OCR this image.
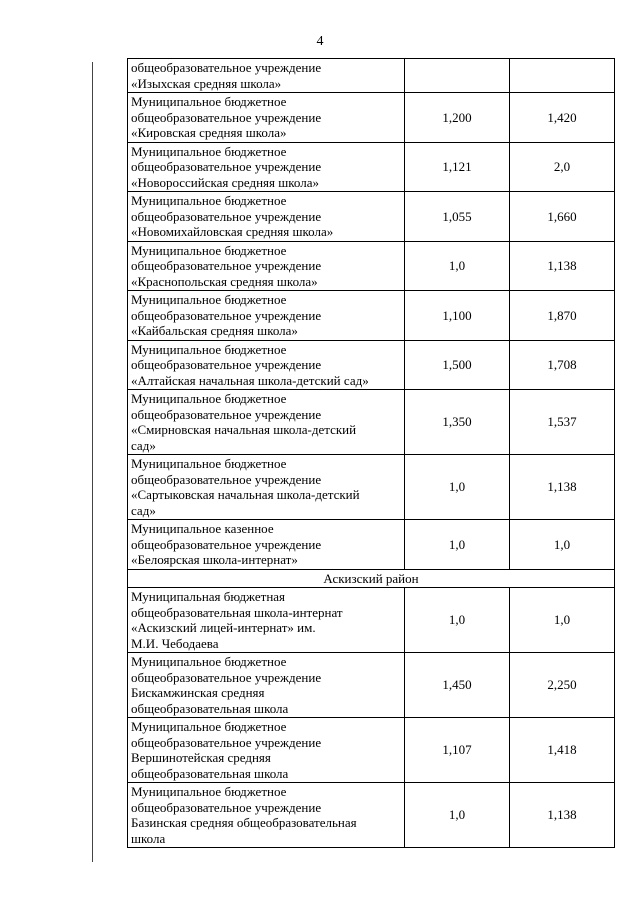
4
общеобразовательное учреждение
«Изыхская средняя школа»		

Муниципальное бюджетное
общеобразовательное учреждение
«Кировская средняя школа»	1,200	1,420

Муниципальное бюджетное
общеобразовательное учреждение
«Новороссийская средняя школа»	1,121	2,0

Муниципальное бюджетное
общеобразовательное учреждение
«Новомихайловская средняя школа»	1,055	1,660

Муниципальное бюджетное
общеобразовательное учреждение
«Краснопольская средняя школа»	1,0	1,138

Муниципальное бюджетное
общеобразовательное учреждение
«Кайбальская средняя школа»	1,100	1,870

Муниципальное бюджетное
общеобразовательное учреждение
«Алтайская начальная школа-детский сад»	1,500	1,708

Муниципальное бюджетное
общеобразовательное учреждение
«Смирновская начальная школа-детский
сад»	1,350	1,537

Муниципальное бюджетное
общеобразовательное учреждение
«Сартыковская начальная школа-детский
сад»	1,0	1,138

Муниципальное казенное
общеобразовательное учреждение
«Белоярская школа-интернат»	1,0	1,0
Аскизский район		

Муниципальная бюджетная
общеобразовательная школа-интернат
«Аскизский лицей-интернат» им.
М.И. Чебодаева	1,0	1,0

Муниципальное бюджетное
общеобразовательное учреждение
Бискамжинская средняя
общеобразовательная школа	1,450	2,250

Муниципальное бюджетное
общеобразовательное учреждение
Вершинотейская средняя
общеобразовательная школа	1,107	1,418

Муниципальное бюджетное
общеобразовательное учреждение
Базинская средняя общеобразовательная
школа	1,0	1,138
